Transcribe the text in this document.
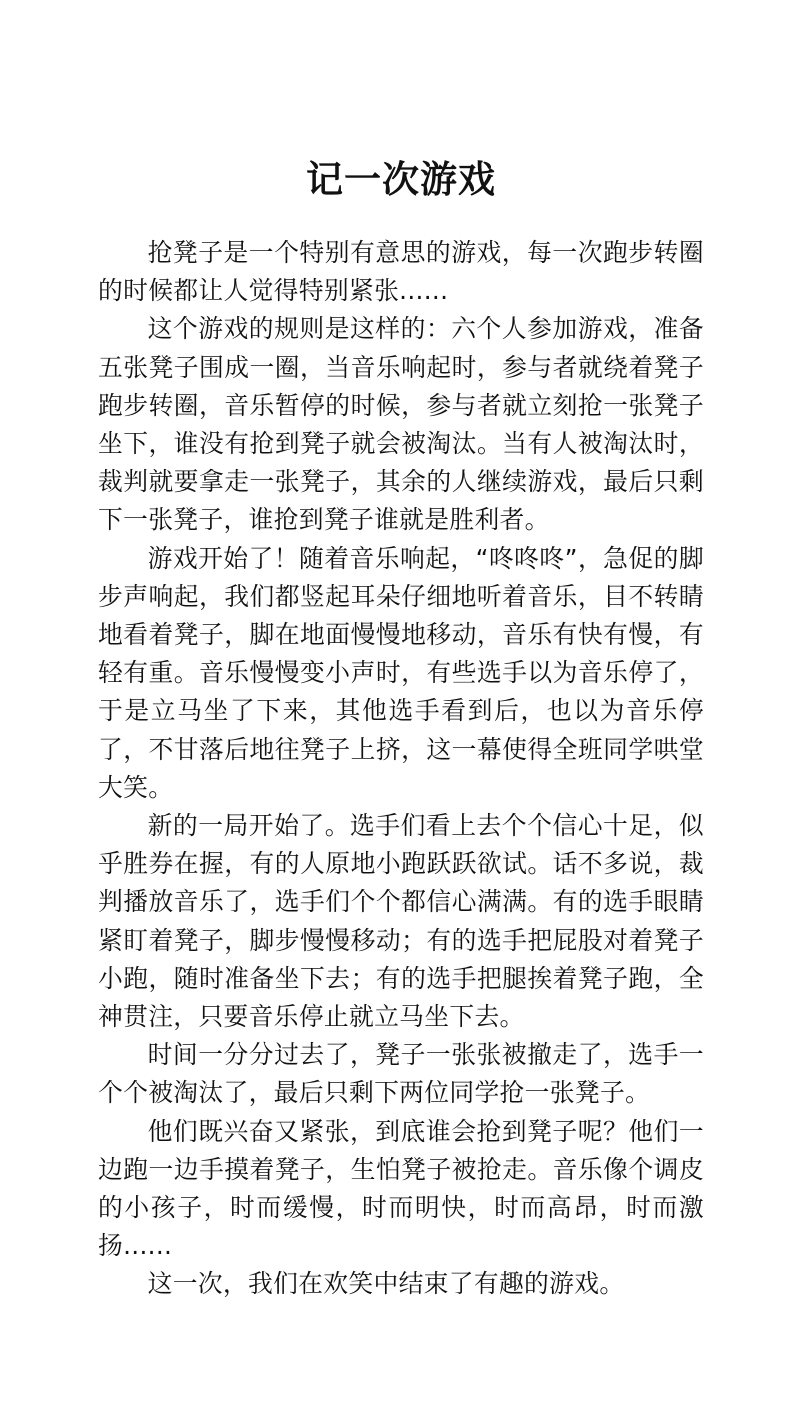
记一次游戏

抢凳子是一个特别有意思的游戏，每一次跑步转圈的时候都让人觉得特别紧张......

这个游戏的规则是这样的：六个人参加游戏，准备五张凳子围成一圈，当音乐响起时，参与者就绕着凳子跑步转圈，音乐暂停的时候，参与者就立刻抢一张凳子坐下，谁没有抢到凳子就会被淘汰。当有人被淘汰时，裁判就要拿走一张凳子，其余的人继续游戏，最后只剩下一张凳子，谁抢到凳子谁就是胜利者。

游戏开始了！随着音乐响起，“咚咚咚”，急促的脚步声响起，我们都竖起耳朵仔细地听着音乐，目不转睛地看着凳子，脚在地面慢慢地移动，音乐有快有慢，有轻有重。音乐慢慢变小声时，有些选手以为音乐停了，于是立马坐了下来，其他选手看到后，也以为音乐停了，不甘落后地往凳子上挤，这一幕使得全班同学哄堂大笑。

新的一局开始了。选手们看上去个个信心十足，似乎胜券在握，有的人原地小跑跃跃欲试。话不多说，裁判播放音乐了，选手们个个都信心满满。有的选手眼睛紧盯着凳子，脚步慢慢移动；有的选手把屁股对着凳子小跑，随时准备坐下去；有的选手把腿挨着凳子跑，全神贯注，只要音乐停止就立马坐下去。

时间一分分过去了，凳子一张张被撤走了，选手一个个被淘汰了，最后只剩下两位同学抢一张凳子。

他们既兴奋又紧张，到底谁会抢到凳子呢？他们一边跑一边手摸着凳子，生怕凳子被抢走。音乐像个调皮的小孩子，时而缓慢，时而明快，时而高昂，时而激扬......

这一次，我们在欢笑中结束了有趣的游戏。
